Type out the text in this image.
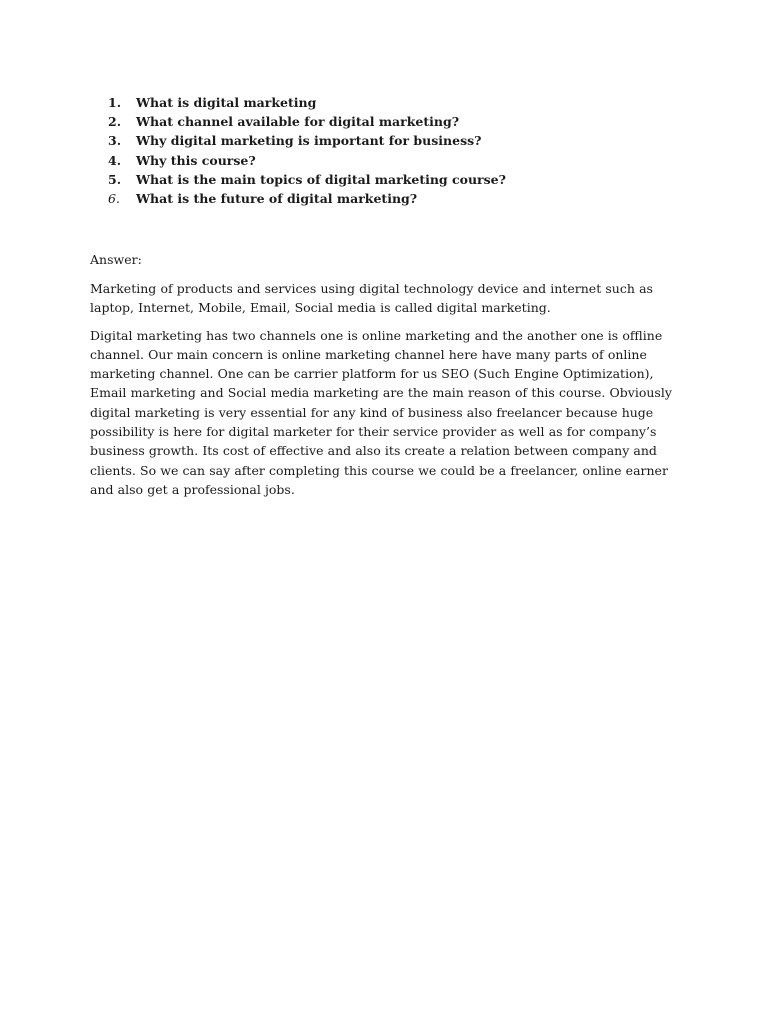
1.	What is digital marketing
2.	What channel available for digital marketing?
3.	Why digital marketing is important for business?
4.	Why this course?
5.	What is the main topics of digital marketing course?
6.	What is the future of digital marketing?

Answer:

Marketing of products and services using digital technology device and internet such as laptop, Internet, Mobile, Email, Social media is called digital marketing.

Digital marketing has two channels one is online marketing and the another one is offline channel. Our main concern is online marketing channel here have many parts of online marketing channel. One can be carrier platform for us SEO (Such Engine Optimization), Email marketing and Social media marketing are the main reason of this course. Obviously digital marketing is very essential for any kind of business also freelancer because huge possibility is here for digital marketer for their service provider as well as for company’s business growth. Its cost of effective and also its create a relation between company and clients. So we can say after completing this course we could be a freelancer, online earner and also get a professional jobs.
